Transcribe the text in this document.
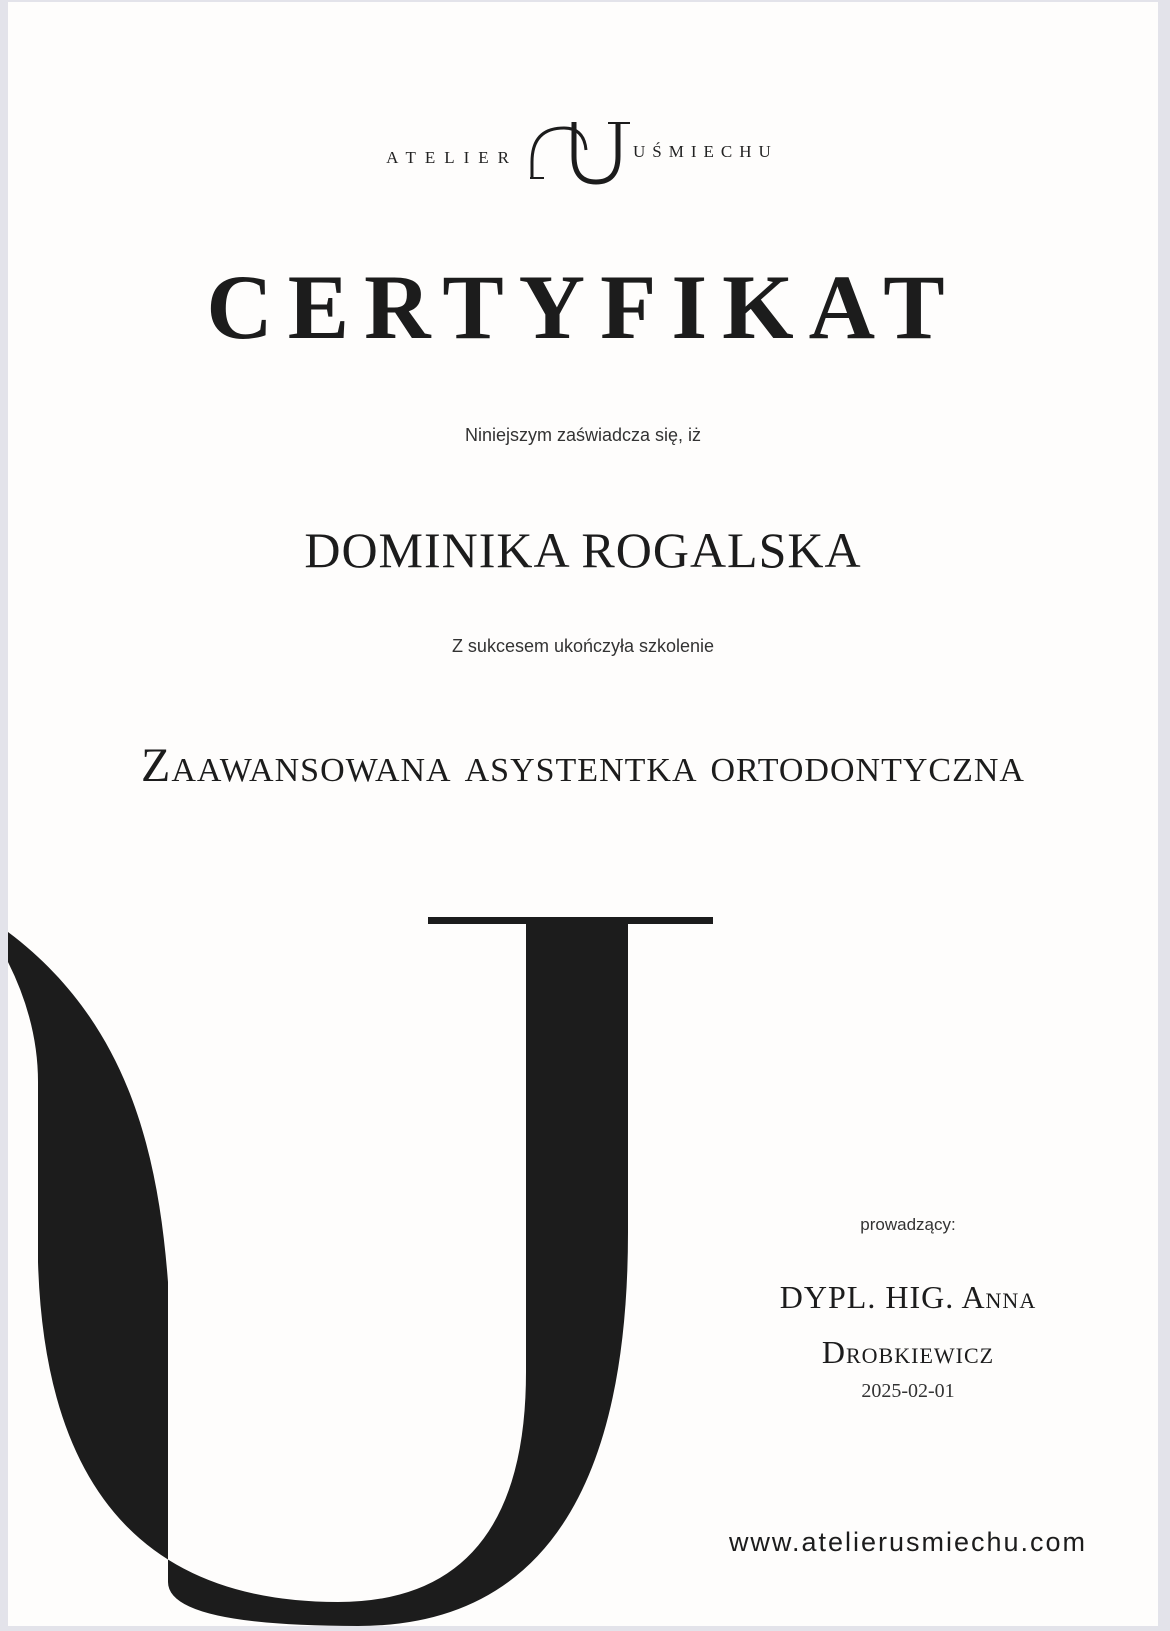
ATELIER	UŚMIECHU
CERTYFIKAT
Niniejszym zaświadcza się, iż
DOMINIKA ROGALSKA
Z sukcesem ukończyła szkolenie
Zaawansowana asystentka ortodontyczna
prowadzący:
DYPL. HIG. Anna
Drobkiewicz
2025-02-01
www.atelierusmiechu.com
